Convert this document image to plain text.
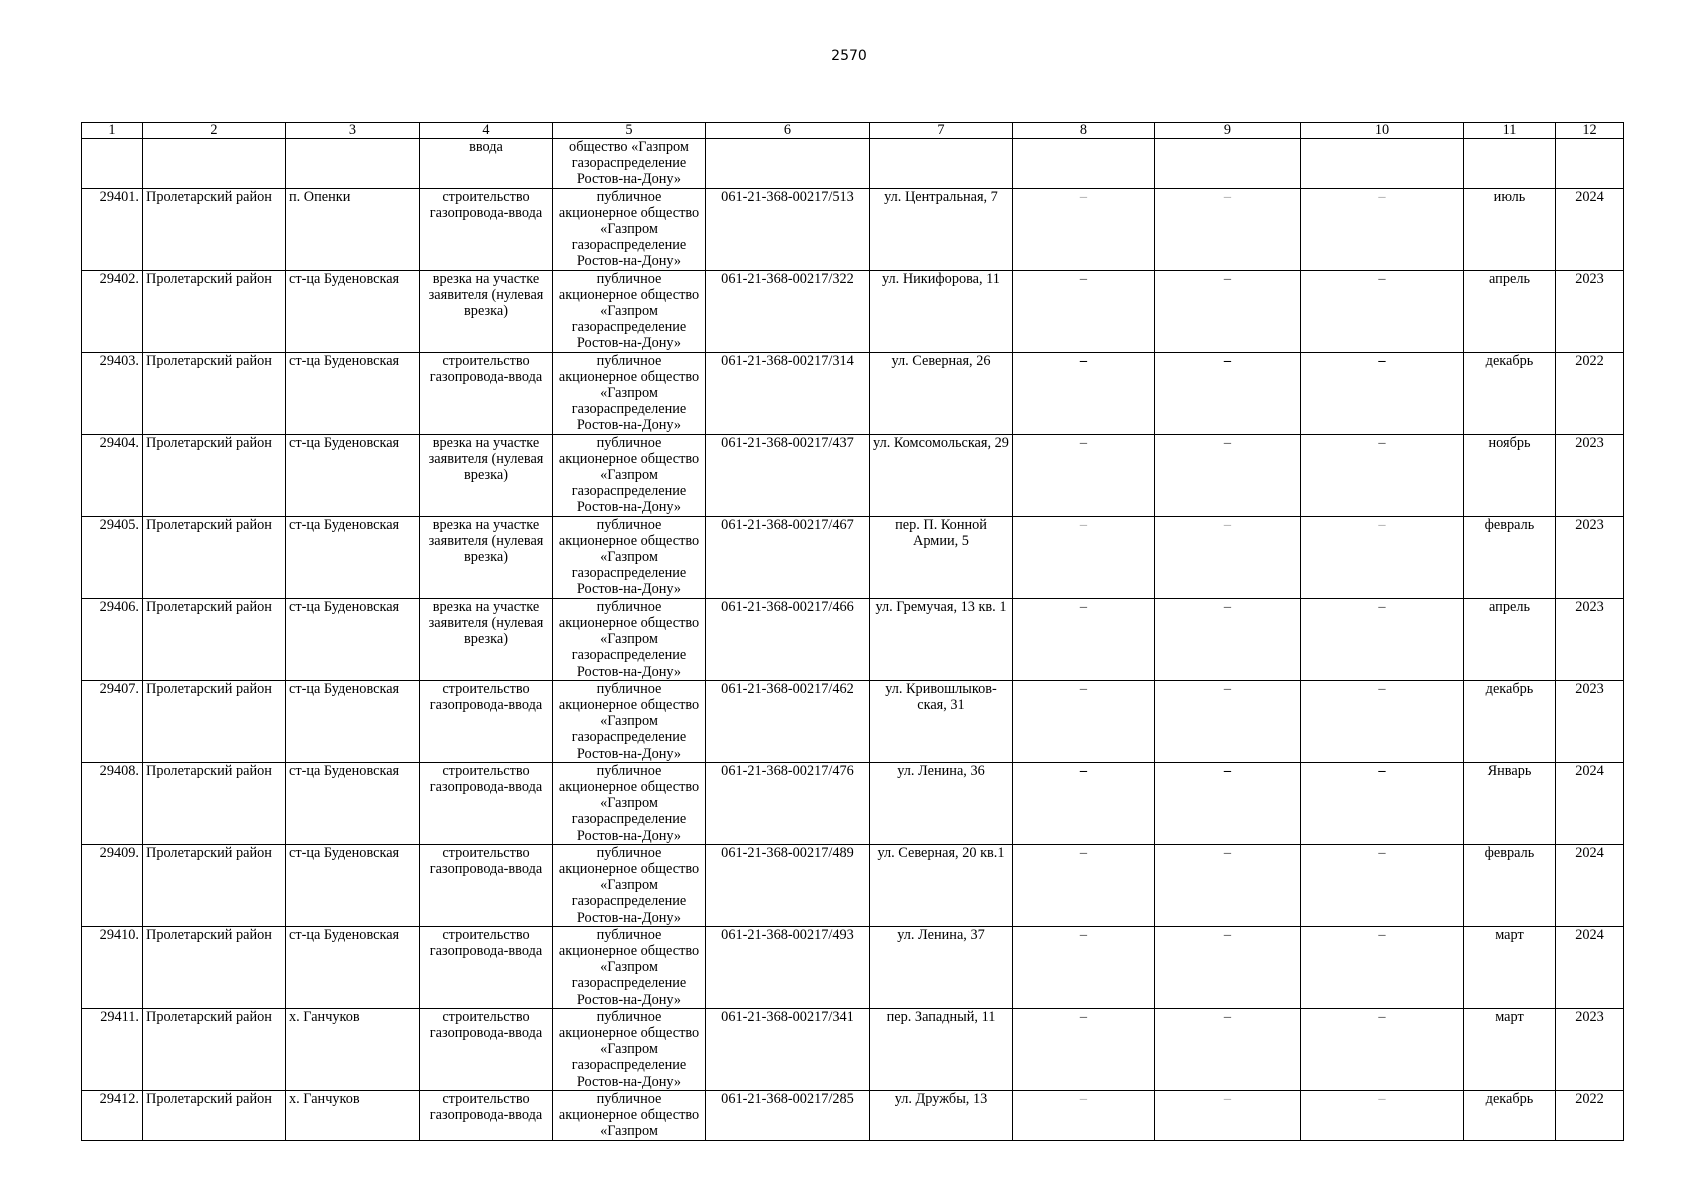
2570
1	2	3	4	5	6	7	8	9	10	11	12
			ввода	общество «Газпром газораспределение Ростов-на-Дону»							
29401.	Пролетарский район	п. Опенки	строительство газопровода-ввода	публичное акционерное общество «Газпром газораспределение Ростов-на-Дону»	061-21-368-00217/513	ул. Центральная, 7	–	–	–	июль	2024
29402.	Пролетарский район	ст-ца Буденовская	врезка на участке заявителя (нулевая врезка)	публичное акционерное общество «Газпром газораспределение Ростов-на-Дону»	061-21-368-00217/322	ул. Никифорова, 11	–	–	–	апрель	2023
29403.	Пролетарский район	ст-ца Буденовская	строительство газопровода-ввода	публичное акционерное общество «Газпром газораспределение Ростов-на-Дону»	061-21-368-00217/314	ул. Северная, 26	–	–	–	декабрь	2022
29404.	Пролетарский район	ст-ца Буденовская	врезка на участке заявителя (нулевая врезка)	публичное акционерное общество «Газпром газораспределение Ростов-на-Дону»	061-21-368-00217/437	ул. Комсомольская, 29	–	–	–	ноябрь	2023
29405.	Пролетарский район	ст-ца Буденовская	врезка на участке заявителя (нулевая врезка)	публичное акционерное общество «Газпром газораспределение Ростов-на-Дону»	061-21-368-00217/467	пер. П. Конной Армии, 5	–	–	–	февраль	2023
29406.	Пролетарский район	ст-ца Буденовская	врезка на участке заявителя (нулевая врезка)	публичное акционерное общество «Газпром газораспределение Ростов-на-Дону»	061-21-368-00217/466	ул. Гремучая, 13 кв. 1	–	–	–	апрель	2023
29407.	Пролетарский район	ст-ца Буденовская	строительство газопровода-ввода	публичное акционерное общество «Газпром газораспределение Ростов-на-Дону»	061-21-368-00217/462	ул. Кривошлыков-ская, 31	–	–	–	декабрь	2023
29408.	Пролетарский район	ст-ца Буденовская	строительство газопровода-ввода	публичное акционерное общество «Газпром газораспределение Ростов-на-Дону»	061-21-368-00217/476	ул. Ленина, 36	–	–	–	Январь	2024
29409.	Пролетарский район	ст-ца Буденовская	строительство газопровода-ввода	публичное акционерное общество «Газпром газораспределение Ростов-на-Дону»	061-21-368-00217/489	ул. Северная, 20 кв.1	–	–	–	февраль	2024
29410.	Пролетарский район	ст-ца Буденовская	строительство газопровода-ввода	публичное акционерное общество «Газпром газораспределение Ростов-на-Дону»	061-21-368-00217/493	ул. Ленина, 37	–	–	–	март	2024
29411.	Пролетарский район	х. Ганчуков	строительство газопровода-ввода	публичное акционерное общество «Газпром газораспределение Ростов-на-Дону»	061-21-368-00217/341	пер. Западный, 11	–	–	–	март	2023
29412.	Пролетарский район	х. Ганчуков	строительство газопровода-ввода	публичное акционерное общество «Газпром	061-21-368-00217/285	ул. Дружбы, 13	–	–	–	декабрь	2022
